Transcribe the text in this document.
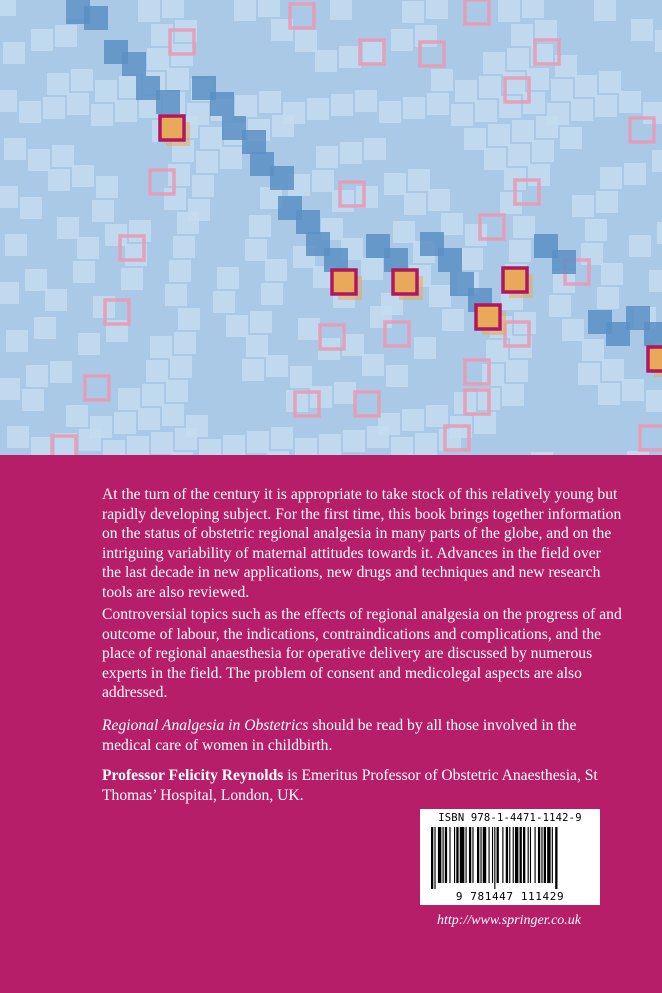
At the turn of the century it is appropriate to take stock of this relatively young but rapidly developing subject. For the first time, this book brings together information on the status of obstetric regional analgesia in many parts of the globe, and on the intriguing variability of maternal attitudes towards it. Advances in the field over the last decade in new applications, new drugs and techniques and new research tools are also reviewed.
Controversial topics such as the effects of regional analgesia on the progress of and outcome of labour, the indications, contraindications and complications, and the place of regional anaesthesia for operative delivery are discussed by numerous experts in the field. The problem of consent and medicolegal aspects are also addressed.
Regional Analgesia in Obstetrics should be read by all those involved in the medical care of women in childbirth.
Professor Felicity Reynolds is Emeritus Professor of Obstetric Anaesthesia, St Thomas’ Hospital, London, UK.
ISBN 978-1-4471-1142-9
9 781447 111429
http://www.springer.co.uk
